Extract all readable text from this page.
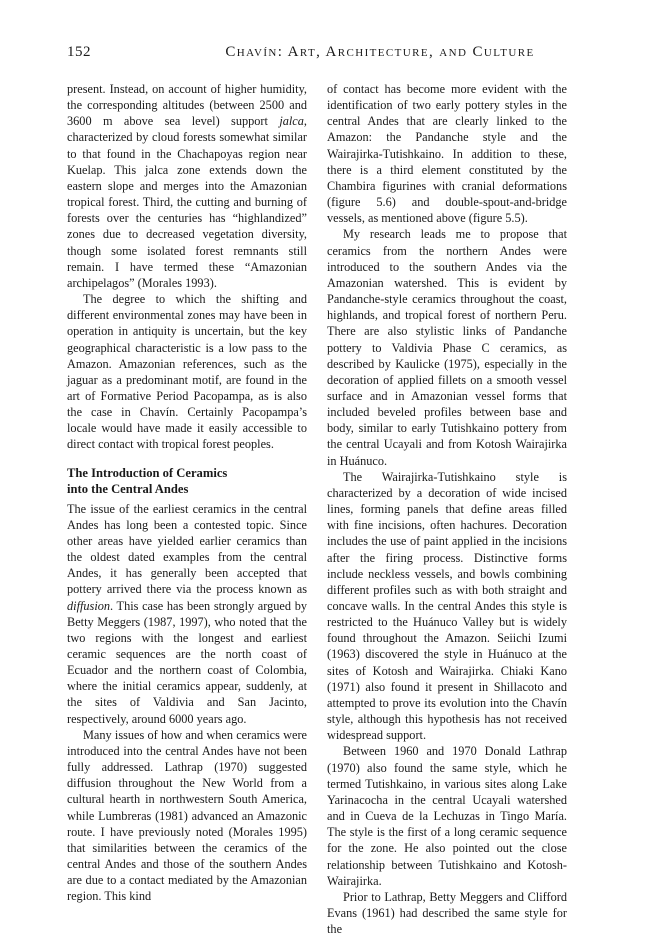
152	Chavín: Art, Architecture, and Culture

present. Instead, on account of higher humidity, the corresponding altitudes (between 2500 and 3600 m above sea level) support jalca, characterized by cloud forests somewhat similar to that found in the Chachapoyas region near Kuelap. This jalca zone extends down the eastern slope and merges into the Amazonian tropical forest. Third, the cutting and burning of forests over the centuries has “highlandized” zones due to decreased vegetation diversity, though some isolated forest remnants still remain. I have termed these “Amazonian archipelagos” (Morales 1993).

The degree to which the shifting and different environmental zones may have been in operation in antiquity is uncertain, but the key geographical characteristic is a low pass to the Amazon. Amazonian references, such as the jaguar as a predominant motif, are found in the art of Formative Period Pacopampa, as is also the case in Chavín. Certainly Pacopampa’s locale would have made it easily accessible to direct contact with tropical forest peoples.

The Introduction of Ceramics
into the Central Andes

The issue of the earliest ceramics in the central Andes has long been a contested topic. Since other areas have yielded earlier ceramics than the oldest dated examples from the central Andes, it has generally been accepted that pottery arrived there via the process known as diffusion. This case has been strongly argued by Betty Meggers (1987, 1997), who noted that the two regions with the longest and earliest ceramic sequences are the north coast of Ecuador and the northern coast of Colombia, where the initial ceramics appear, suddenly, at the sites of Valdivia and San Jacinto, respectively, around 6000 years ago.

Many issues of how and when ceramics were introduced into the central Andes have not been fully addressed. Lathrap (1970) suggested diffusion throughout the New World from a cultural hearth in northwestern South America, while Lumbreras (1981) advanced an Amazonic route. I have previously noted (Morales 1995) that similarities between the ceramics of the central Andes and those of the southern Andes are due to a contact mediated by the Amazonian region. This kind

of contact has become more evident with the identification of two early pottery styles in the central Andes that are clearly linked to the Amazon: the Pandanche style and the Wairajirka-Tutishkaino. In addition to these, there is a third element constituted by the Chambira figurines with cranial deformations (figure 5.6) and double-spout-and-bridge vessels, as mentioned above (figure 5.5).

My research leads me to propose that ceramics from the northern Andes were introduced to the southern Andes via the Amazonian watershed. This is evident by Pandanche-style ceramics throughout the coast, highlands, and tropical forest of northern Peru. There are also stylistic links of Pandanche pottery to Valdivia Phase C ceramics, as described by Kaulicke (1975), especially in the decoration of applied fillets on a smooth vessel surface and in Amazonian vessel forms that included beveled profiles between base and body, similar to early Tutishkaino pottery from the central Ucayali and from Kotosh Wairajirka in Huánuco.

The Wairajirka-Tutishkaino style is characterized by a decoration of wide incised lines, forming panels that define areas filled with fine incisions, often hachures. Decoration includes the use of paint applied in the incisions after the firing process. Distinctive forms include neckless vessels, and bowls combining different profiles such as with both straight and concave walls. In the central Andes this style is restricted to the Huánuco Valley but is widely found throughout the Amazon. Seiichi Izumi (1963) discovered the style in Huánuco at the sites of Kotosh and Wairajirka. Chiaki Kano (1971) also found it present in Shillacoto and attempted to prove its evolution into the Chavín style, although this hypothesis has not received widespread support.

Between 1960 and 1970 Donald Lathrap (1970) also found the same style, which he termed Tutishkaino, in various sites along Lake Yarinacocha in the central Ucayali watershed and in Cueva de la Lechuzas in Tingo María. The style is the first of a long ceramic sequence for the zone. He also pointed out the close relationship between Tutishkaino and Kotosh-Wairajirka.

Prior to Lathrap, Betty Meggers and Clifford Evans (1961) had described the same style for the
